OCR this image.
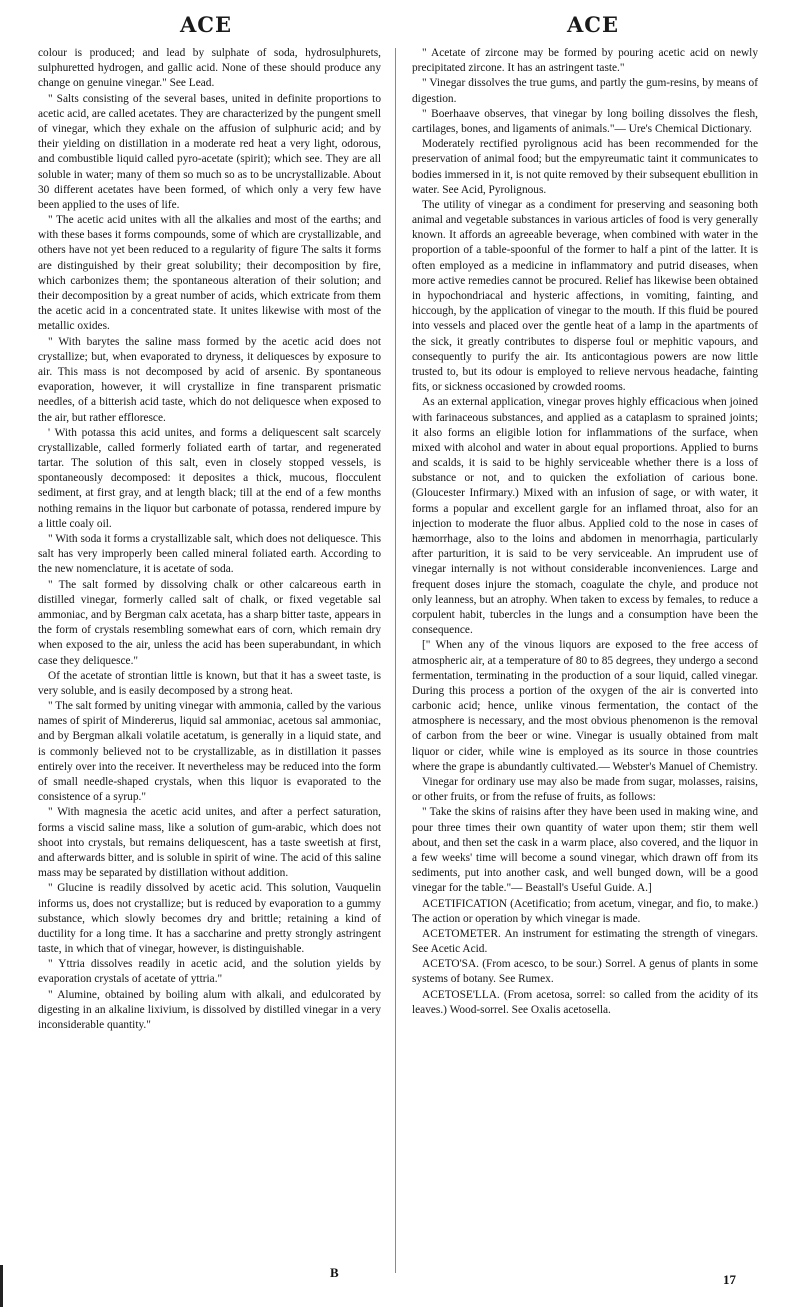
ACE	ACE

colour is produced; and lead by sulphate of soda, hydrosulphurets, sulphuretted hydrogen, and gallic acid. None of these should produce any change on genuine vinegar." See Lead.

" Salts consisting of the several bases, united in definite proportions to acetic acid, are called acetates. They are characterized by the pungent smell of vinegar, which they exhale on the affusion of sulphuric acid; and by their yielding on distillation in a moderate red heat a very light, odorous, and combustible liquid called pyro-acetate (spirit); which see. They are all soluble in water; many of them so much so as to be uncrystallizable. About 30 different acetates have been formed, of which only a very few have been applied to the uses of life.

" The acetic acid unites with all the alkalies and most of the earths; and with these bases it forms compounds, some of which are crystallizable, and others have not yet been reduced to a regularity of figure The salts it forms are distinguished by their great solubility; their decomposition by fire, which carbonizes them; the spontaneous alteration of their solution; and their decomposition by a great number of acids, which extricate from them the acetic acid in a concentrated state. It unites likewise with most of the metallic oxides.

" With barytes the saline mass formed by the acetic acid does not crystallize; but, when evaporated to dryness, it deliquesces by exposure to air. This mass is not decomposed by acid of arsenic. By spontaneous evaporation, however, it will crystallize in fine transparent prismatic needles, of a bitterish acid taste, which do not deliquesce when exposed to the air, but rather effloresce.

' With potassa this acid unites, and forms a deliquescent salt scarcely crystallizable, called formerly foliated earth of tartar, and regenerated tartar. The solution of this salt, even in closely stopped vessels, is spontaneously decomposed: it deposites a thick, mucous, flocculent sediment, at first gray, and at length black; till at the end of a few months nothing remains in the liquor but carbonate of potassa, rendered impure by a little coaly oil.

" With soda it forms a crystallizable salt, which does not deliquesce. This salt has very improperly been called mineral foliated earth. According to the new nomenclature, it is acetate of soda.

" The salt formed by dissolving chalk or other calcareous earth in distilled vinegar, formerly called salt of chalk, or fixed vegetable sal ammoniac, and by Bergman calx acetata, has a sharp bitter taste, appears in the form of crystals resembling somewhat ears of corn, which remain dry when exposed to the air, unless the acid has been superabundant, in which case they deliquesce."

Of the acetate of strontian little is known, but that it has a sweet taste, is very soluble, and is easily decomposed by a strong heat.

" The salt formed by uniting vinegar with ammonia, called by the various names of spirit of Mindererus, liquid sal ammoniac, acetous sal ammoniac, and by Bergman alkali volatile acetatum, is generally in a liquid state, and is commonly believed not to be crystallizable, as in distillation it passes entirely over into the receiver. It nevertheless may be reduced into the form of small needle-shaped crystals, when this liquor is evaporated to the consistence of a syrup."

" With magnesia the acetic acid unites, and after a perfect saturation, forms a viscid saline mass, like a solution of gum-arabic, which does not shoot into crystals, but remains deliquescent, has a taste sweetish at first, and afterwards bitter, and is soluble in spirit of wine. The acid of this saline mass may be separated by distillation without addition.

" Glucine is readily dissolved by acetic acid. This solution, Vauquelin informs us, does not crystallize; but is reduced by evaporation to a gummy substance, which slowly becomes dry and brittle; retaining a kind of ductility for a long time. It has a saccharine and pretty strongly astringent taste, in which that of vinegar, however, is distinguishable.

" Yttria dissolves readily in acetic acid, and the solution yields by evaporation crystals of acetate of yttria."

" Alumine, obtained by boiling alum with alkali, and edulcorated by digesting in an alkaline lixivium, is dissolved by distilled vinegar in a very inconsiderable quantity."

" Acetate of zircone may be formed by pouring acetic acid on newly precipitated zircone. It has an astringent taste."

" Vinegar dissolves the true gums, and partly the gum-resins, by means of digestion.

" Boerhaave observes, that vinegar by long boiling dissolves the flesh, cartilages, bones, and ligaments of animals."— Ure's Chemical Dictionary.

Moderately rectified pyrolignous acid has been recommended for the preservation of animal food; but the empyreumatic taint it communicates to bodies immersed in it, is not quite removed by their subsequent ebullition in water. See Acid, Pyrolignous.

The utility of vinegar as a condiment for preserving and seasoning both animal and vegetable substances in various articles of food is very generally known. It affords an agreeable beverage, when combined with water in the proportion of a table-spoonful of the former to half a pint of the latter. It is often employed as a medicine in inflammatory and putrid diseases, when more active remedies cannot be procured. Relief has likewise been obtained in hypochondriacal and hysteric affections, in vomiting, fainting, and hiccough, by the application of vinegar to the mouth. If this fluid be poured into vessels and placed over the gentle heat of a lamp in the apartments of the sick, it greatly contributes to disperse foul or mephitic vapours, and consequently to purify the air. Its anticontagious powers are now little trusted to, but its odour is employed to relieve nervous headache, fainting fits, or sickness occasioned by crowded rooms.

As an external application, vinegar proves highly efficacious when joined with farinaceous substances, and applied as a cataplasm to sprained joints; it also forms an eligible lotion for inflammations of the surface, when mixed with alcohol and water in about equal proportions. Applied to burns and scalds, it is said to be highly serviceable whether there is a loss of substance or not, and to quicken the exfoliation of carious bone. (Gloucester Infirmary.) Mixed with an infusion of sage, or with water, it forms a popular and excellent gargle for an inflamed throat, also for an injection to moderate the fluor albus. Applied cold to the nose in cases of hæmorrhage, also to the loins and abdomen in menorrhagia, particularly after parturition, it is said to be very serviceable. An imprudent use of vinegar internally is not without considerable inconveniences. Large and frequent doses injure the stomach, coagulate the chyle, and produce not only leanness, but an atrophy. When taken to excess by females, to reduce a corpulent habit, tubercles in the lungs and a consumption have been the consequence.

[" When any of the vinous liquors are exposed to the free access of atmospheric air, at a temperature of 80 to 85 degrees, they undergo a second fermentation, terminating in the production of a sour liquid, called vinegar. During this process a portion of the oxygen of the air is converted into carbonic acid; hence, unlike vinous fermentation, the contact of the atmosphere is necessary, and the most obvious phenomenon is the removal of carbon from the beer or wine. Vinegar is usually obtained from malt liquor or cider, while wine is employed as its source in those countries where the grape is abundantly cultivated.— Webster's Manuel of Chemistry.

Vinegar for ordinary use may also be made from sugar, molasses, raisins, or other fruits, or from the refuse of fruits, as follows:

" Take the skins of raisins after they have been used in making wine, and pour three times their own quantity of water upon them; stir them well about, and then set the cask in a warm place, also covered, and the liquor in a few weeks' time will become a sound vinegar, which drawn off from its sediments, put into another cask, and well bunged down, will be a good vinegar for the table."— Beastall's Useful Guide. A.]

ACETIFICATION (Acetificatio; from acetum, vinegar, and fio, to make.) The action or operation by which vinegar is made.

ACETOMETER. An instrument for estimating the strength of vinegars. See Acetic Acid.

ACETO'SA. (From acesco, to be sour.) Sorrel. A genus of plants in some systems of botany. See Rumex.

ACETOSE'LLA. (From acetosa, sorrel: so called from the acidity of its leaves.) Wood-sorrel. See Oxalis acetosella.

B	17
